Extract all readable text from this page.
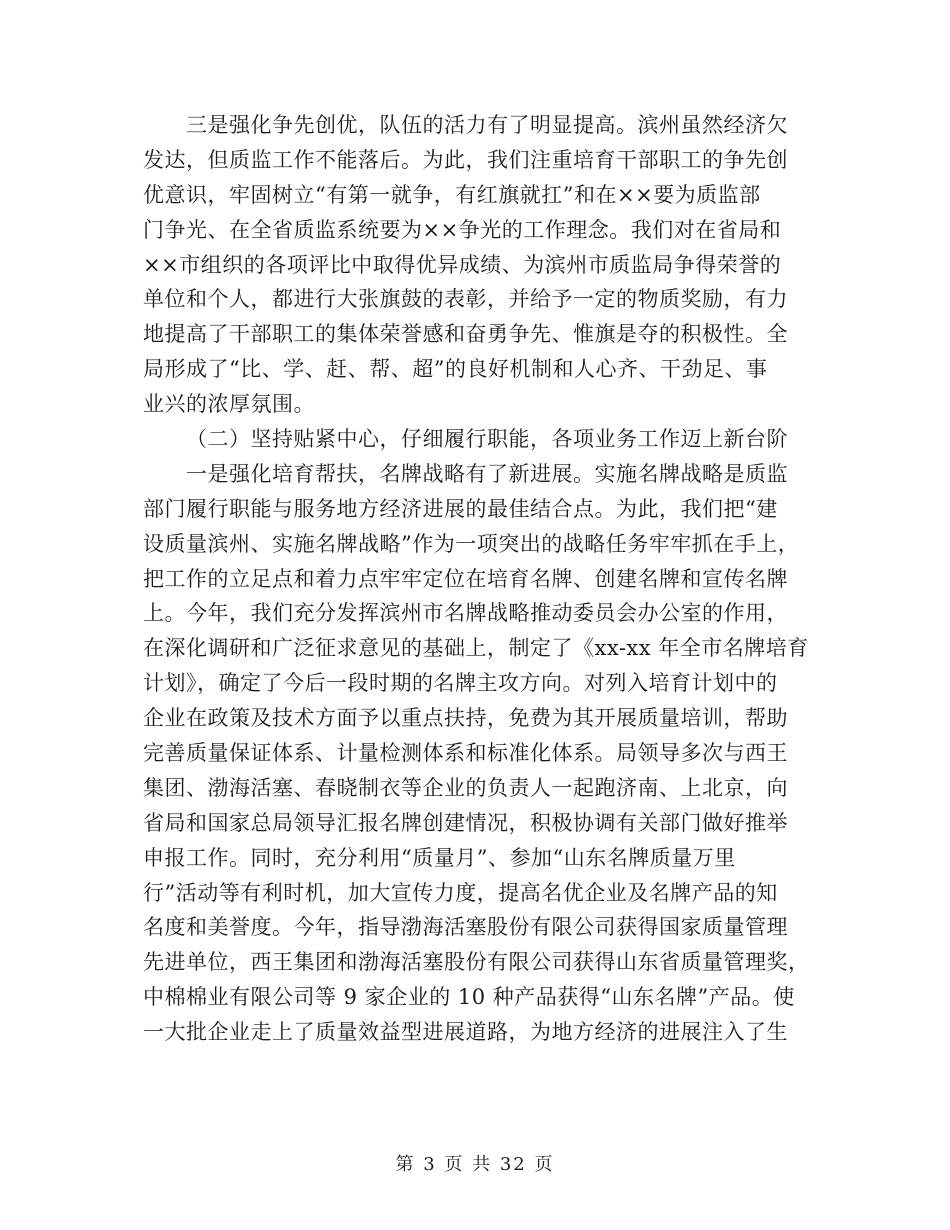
三是强化争先创优，队伍的活力有了明显提高。滨州虽然经济欠
发达，但质监工作不能落后。为此，我们注重培育干部职工的争先创
优意识，牢固树立“有第一就争，有红旗就扛”和在××要为质监部
门争光、在全省质监系统要为××争光的工作理念。我们对在省局和
××市组织的各项评比中取得优异成绩、为滨州市质监局争得荣誉的
单位和个人，都进行大张旗鼓的表彰，并给予一定的物质奖励，有力
地提高了干部职工的集体荣誉感和奋勇争先、惟旗是夺的积极性。全
局形成了“比、学、赶、帮、超”的良好机制和人心齐、干劲足、事
业兴的浓厚氛围。
（二）坚持贴紧中心，仔细履行职能，各项业务工作迈上新台阶
一是强化培育帮扶，名牌战略有了新进展。实施名牌战略是质监
部门履行职能与服务地方经济进展的最佳结合点。为此，我们把“建
设质量滨州、实施名牌战略”作为一项突出的战略任务牢牢抓在手上，
把工作的立足点和着力点牢牢定位在培育名牌、创建名牌和宣传名牌
上。今年，我们充分发挥滨州市名牌战略推动委员会办公室的作用，
在深化调研和广泛征求意见的基础上，制定了《xx-xx 年全市名牌培育
计划》，确定了今后一段时期的名牌主攻方向。对列入培育计划中的
企业在政策及技术方面予以重点扶持，免费为其开展质量培训，帮助
完善质量保证体系、计量检测体系和标准化体系。局领导多次与西王
集团、渤海活塞、春晓制衣等企业的负责人一起跑济南、上北京，向
省局和国家总局领导汇报名牌创建情况，积极协调有关部门做好推举
申报工作。同时，充分利用“质量月”、参加“山东名牌质量万里
行”活动等有利时机，加大宣传力度，提高名优企业及名牌产品的知
名度和美誉度。今年，指导渤海活塞股份有限公司获得国家质量管理
先进单位，西王集团和渤海活塞股份有限公司获得山东省质量管理奖，
中棉棉业有限公司等 9 家企业的 10 种产品获得“山东名牌”产品。使
一大批企业走上了质量效益型进展道路，为地方经济的进展注入了生
第 3 页 共 32 页
